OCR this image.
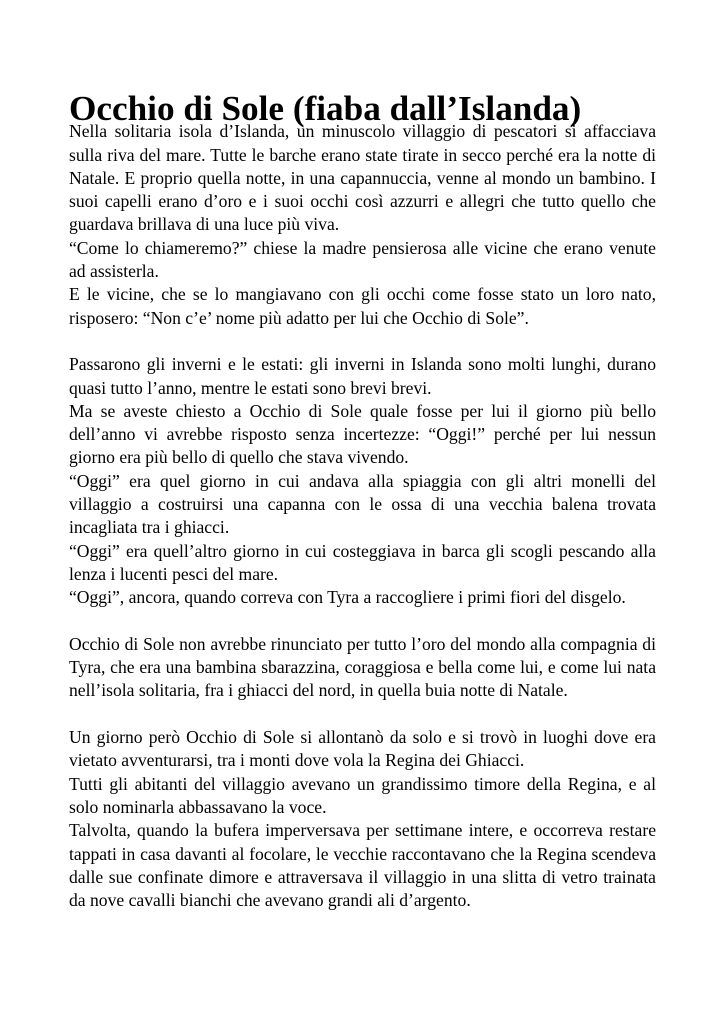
Occhio di Sole (fiaba dall’Islanda)

Nella solitaria isola d’Islanda, un minuscolo villaggio di pescatori si affacciava sulla riva del mare. Tutte le barche erano state tirate in secco perché era la notte di Natale. E proprio quella notte, in una capannuccia, venne al mondo un bambino. I suoi capelli erano d’oro e i suoi occhi così azzurri e allegri che tutto quello che guardava brillava di una luce più viva.

“Come lo chiameremo?” chiese la madre pensierosa alle vicine che erano venute ad assisterla.

E le vicine, che se lo mangiavano con gli occhi come fosse stato un loro nato, risposero: “Non c’e’ nome più adatto per lui che Occhio di Sole”.

Passarono gli inverni e le estati: gli inverni in Islanda sono molti lunghi, durano quasi tutto l’anno, mentre le estati sono brevi brevi.

Ma se aveste chiesto a Occhio di Sole quale fosse per lui il giorno più bello dell’anno vi avrebbe risposto senza incertezze: “Oggi!” perché per lui nessun giorno era più bello di quello che stava vivendo.

“Oggi” era quel giorno in cui andava alla spiaggia con gli altri monelli del villaggio a costruirsi una capanna con le ossa di una vecchia balena trovata incagliata tra i ghiacci.

“Oggi” era quell’altro giorno in cui costeggiava in barca gli scogli pescando alla lenza i lucenti pesci del mare.

“Oggi”, ancora, quando correva con Tyra a raccogliere i primi fiori del disgelo.

Occhio di Sole non avrebbe rinunciato per tutto l’oro del mondo alla compagnia di Tyra, che era una bambina sbarazzina, coraggiosa e bella come lui, e come lui nata nell’isola solitaria, fra i ghiacci del nord, in quella buia notte di Natale.

Un giorno però Occhio di Sole si allontanò da solo e si trovò in luoghi dove era vietato avventurarsi, tra i monti dove vola la Regina dei Ghiacci.

Tutti gli abitanti del villaggio avevano un grandissimo timore della Regina, e al solo nominarla abbassavano la voce.

Talvolta, quando la bufera imperversava per settimane intere, e occorreva restare tappati in casa davanti al focolare, le vecchie raccontavano che la Regina scendeva dalle sue confinate dimore e attraversava il villaggio in una slitta di vetro trainata da nove cavalli bianchi che avevano grandi ali d’argento.
